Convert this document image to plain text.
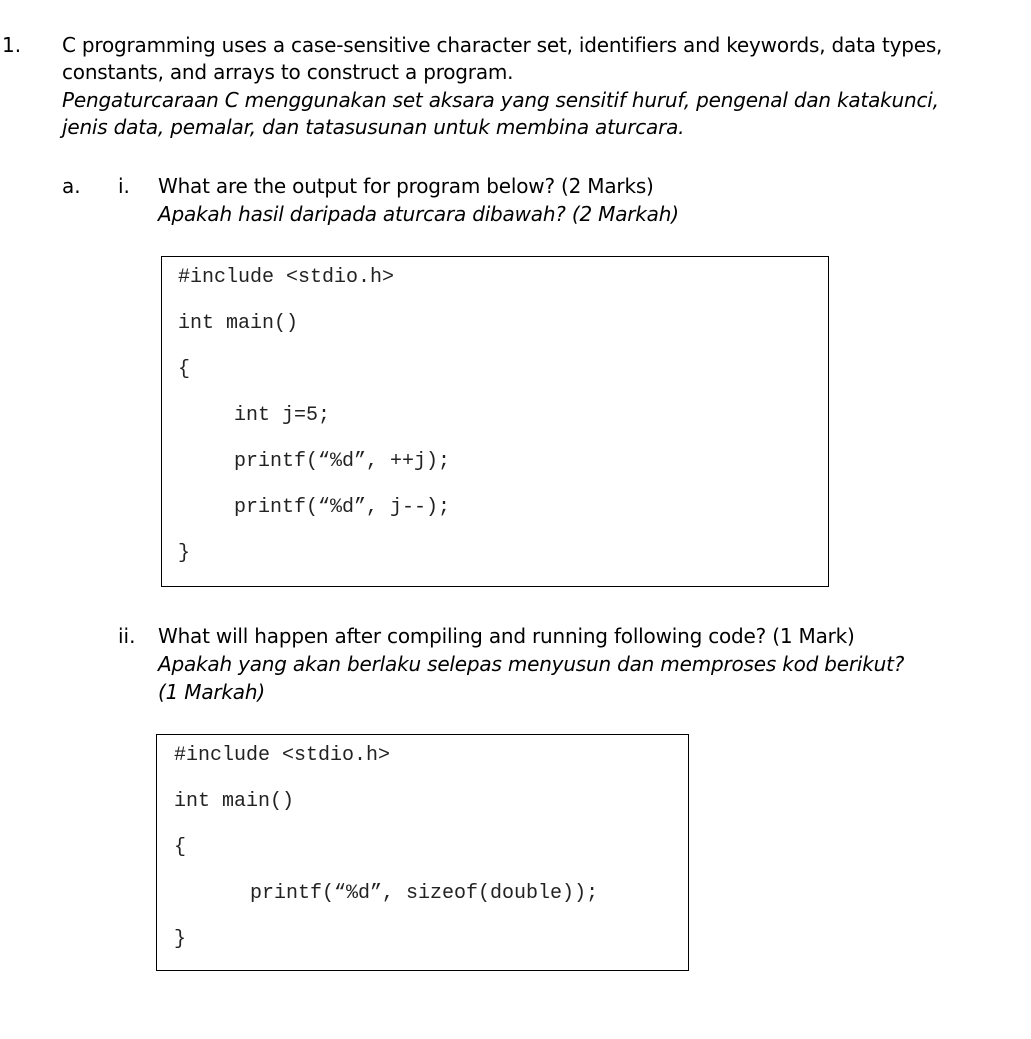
1. C programming uses a case-sensitive character set, identifiers and keywords, data types,
constants, and arrays to construct a program.
Pengaturcaraan C menggunakan set aksara yang sensitif huruf, pengenal dan katakunci,
jenis data, pemalar, dan tatasusunan untuk membina aturcara.
a. i. What are the output for program below? (2 Marks)
Apakah hasil daripada aturcara dibawah? (2 Markah)
#include <stdio.h>
int main()
{
int j=5;
printf(“%d”, ++j);
printf(“%d”, j--);
}
ii. What will happen after compiling and running following code? (1 Mark)
Apakah yang akan berlaku selepas menyusun dan memproses kod berikut?
(1 Markah)
#include <stdio.h>
int main()
{
printf(“%d”, sizeof(double));
}
